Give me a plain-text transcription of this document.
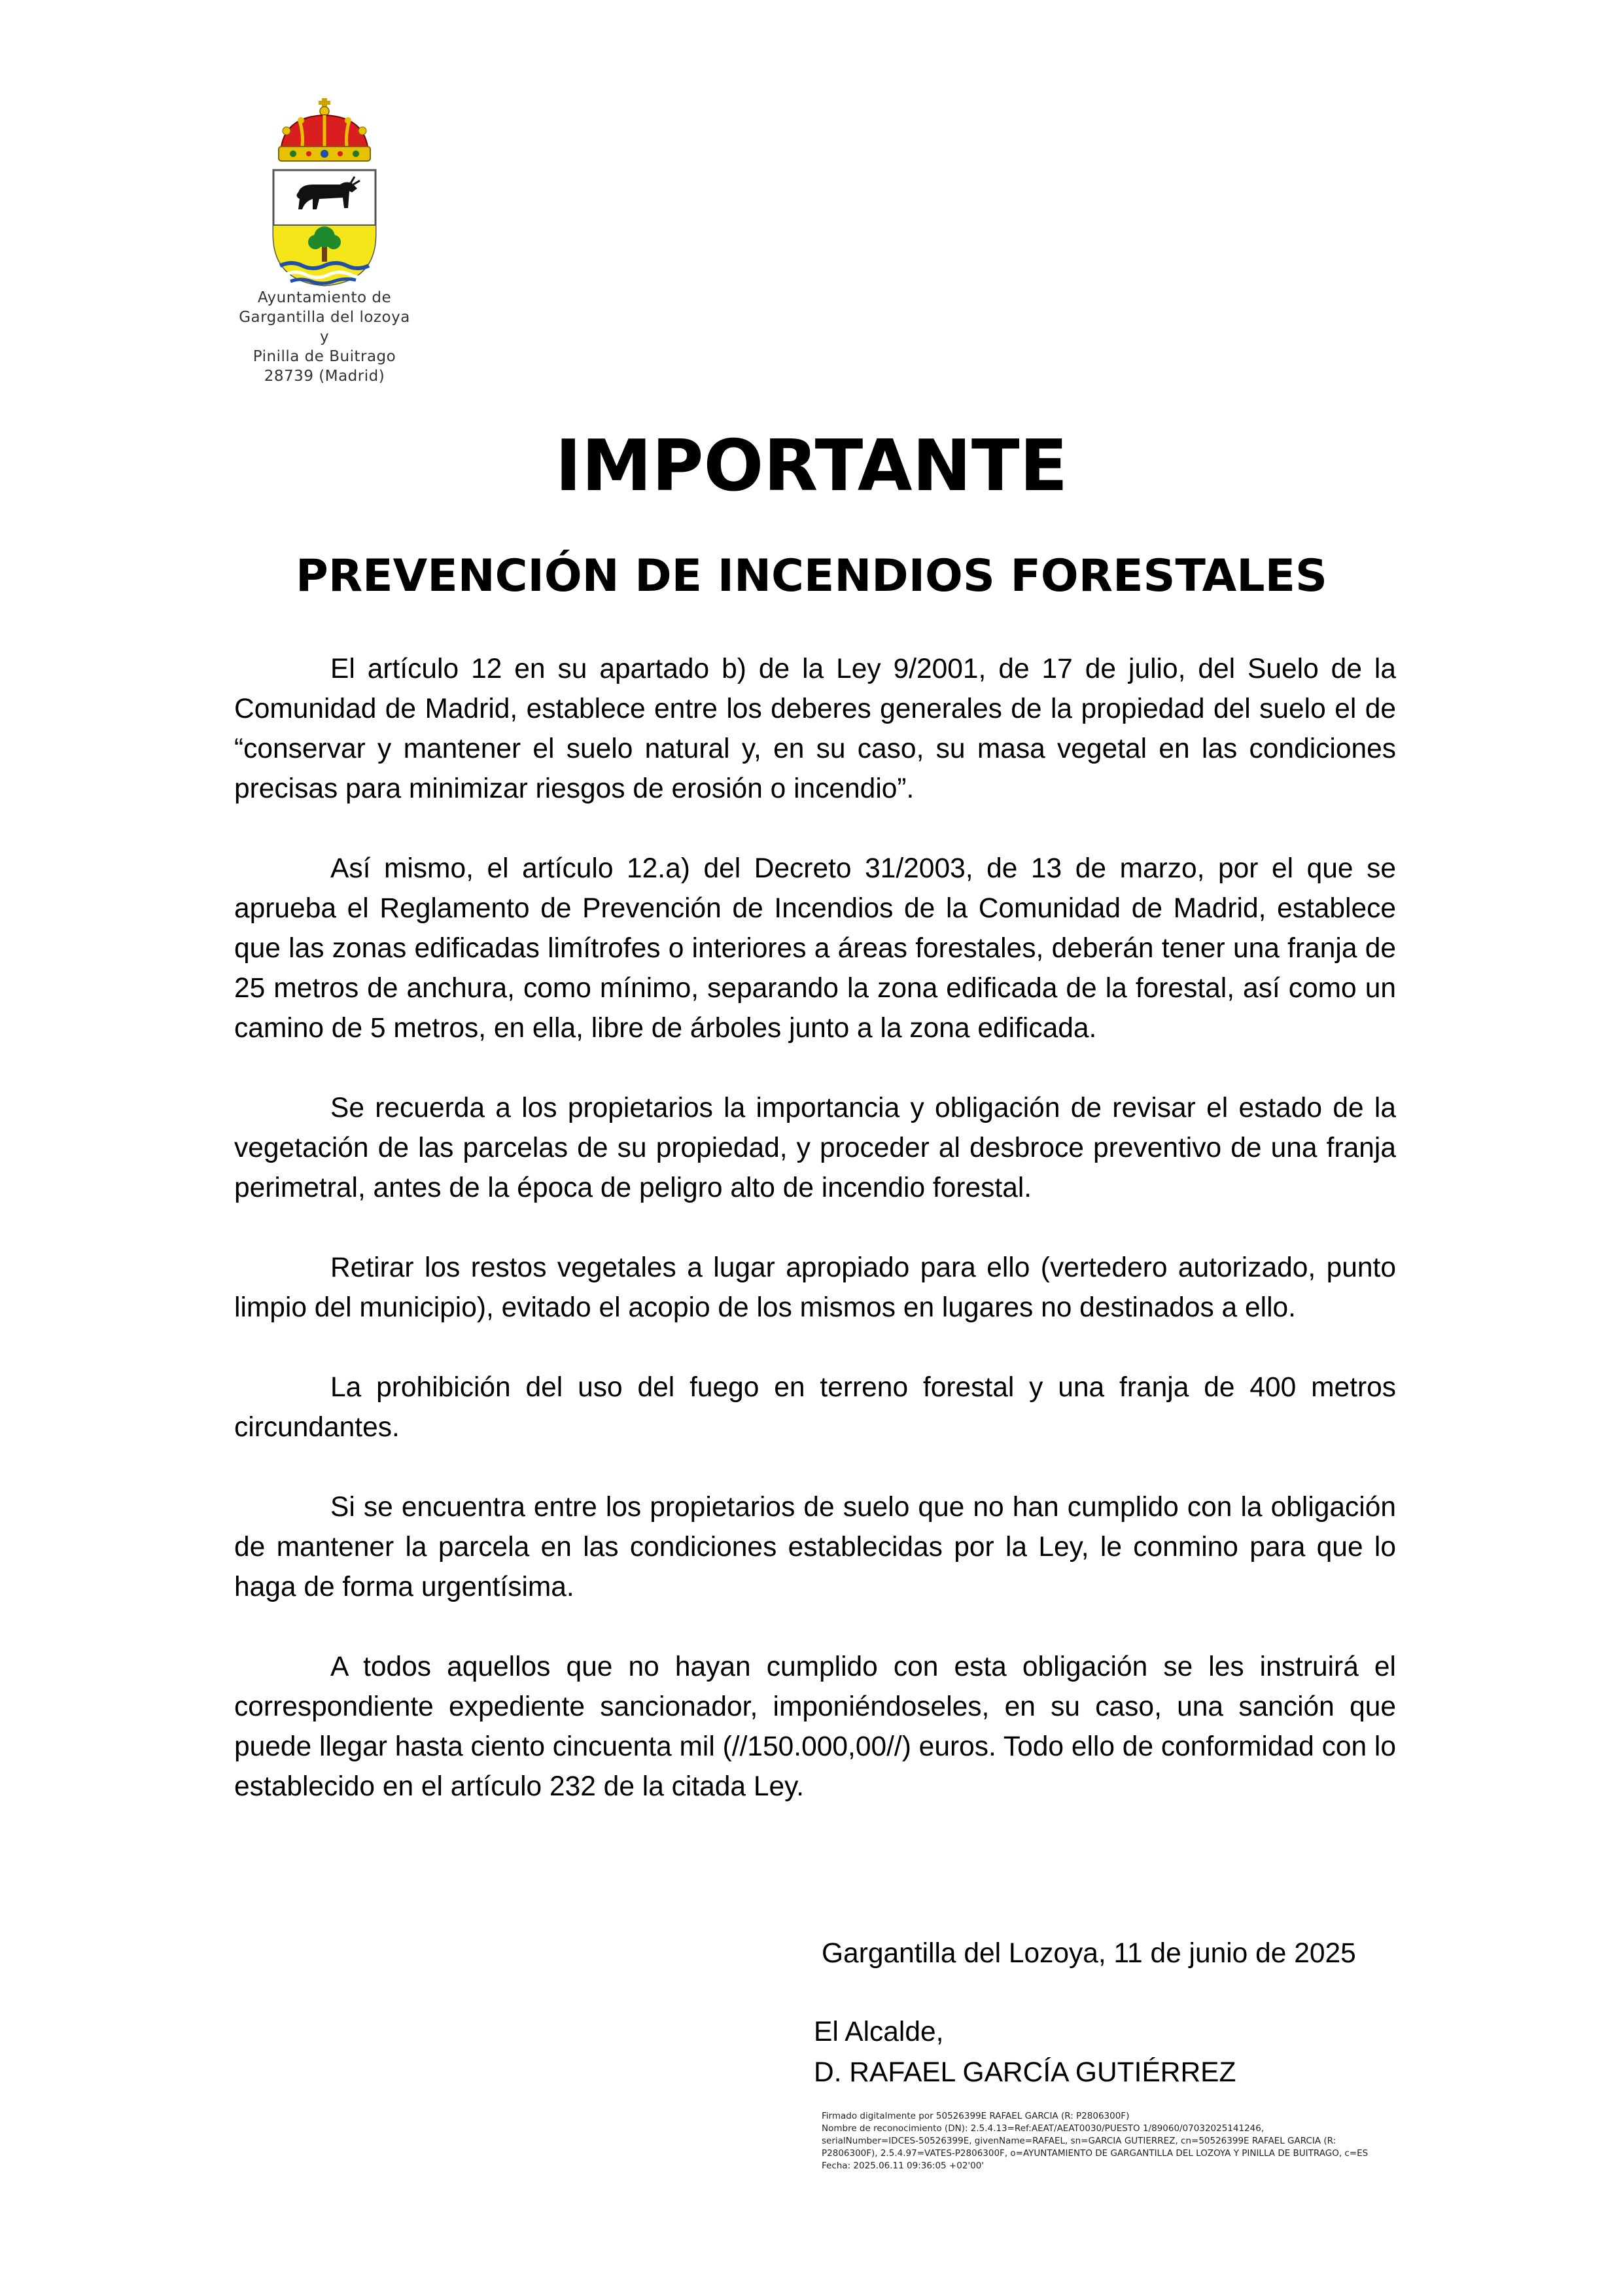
Ayuntamiento de
Gargantilla del lozoya
y
Pinilla de Buitrago
28739 (Madrid)
IMPORTANTE
PREVENCIÓN DE INCENDIOS FORESTALES

El artículo 12 en su apartado b) de la Ley 9/2001, de 17 de julio, del Suelo de la Comunidad de Madrid, establece entre los deberes generales de la propiedad del suelo el de “conservar y mantener el suelo natural y, en su caso, su masa vegetal en las condiciones precisas para minimizar riesgos de erosión o incendio”.

Así mismo, el artículo 12.a) del Decreto 31/2003, de 13 de marzo, por el que se aprueba el Reglamento de Prevención de Incendios de la Comunidad de Madrid, establece que las zonas edificadas limítrofes o interiores a áreas forestales, deberán tener una franja de 25 metros de anchura, como mínimo, separando la zona edificada de la forestal, así como un camino de 5 metros, en ella, libre de árboles junto a la zona edificada.

Se recuerda a los propietarios la importancia y obligación de revisar el estado de la vegetación de las parcelas de su propiedad, y proceder al desbroce preventivo de una franja perimetral, antes de la época de peligro alto de incendio forestal.

Retirar los restos vegetales a lugar apropiado para ello (vertedero autorizado, punto limpio del municipio), evitado el acopio de los mismos en lugares no destinados a ello.

La prohibición del uso del fuego en terreno forestal y una franja de 400 metros circundantes.

Si se encuentra entre los propietarios de suelo que no han cumplido con la obligación de mantener la parcela en las condiciones establecidas por la Ley, le conmino para que lo haga de forma urgentísima.

A todos aquellos que no hayan cumplido con esta obligación se les instruirá el correspondiente expediente sancionador, imponiéndoseles, en su caso, una sanción que puede llegar hasta ciento cincuenta mil (//150.000,00//) euros. Todo ello de conformidad con lo establecido en el artículo 232 de la citada Ley.

Gargantilla del Lozoya, 11 de junio de 2025
El Alcalde,
D. RAFAEL GARCÍA GUTIÉRREZ
Firmado digitalmente por 50526399E RAFAEL GARCIA (R: P2806300F)
Nombre de reconocimiento (DN): 2.5.4.13=Ref:AEAT/AEAT0030/PUESTO 1/89060/07032025141246,
serialNumber=IDCES-50526399E, givenName=RAFAEL, sn=GARCIA GUTIERREZ, cn=50526399E RAFAEL GARCIA (R:
P2806300F), 2.5.4.97=VATES-P2806300F, o=AYUNTAMIENTO DE GARGANTILLA DEL LOZOYA Y PINILLA DE BUITRAGO, c=ES
Fecha: 2025.06.11 09:36:05 +02'00'
